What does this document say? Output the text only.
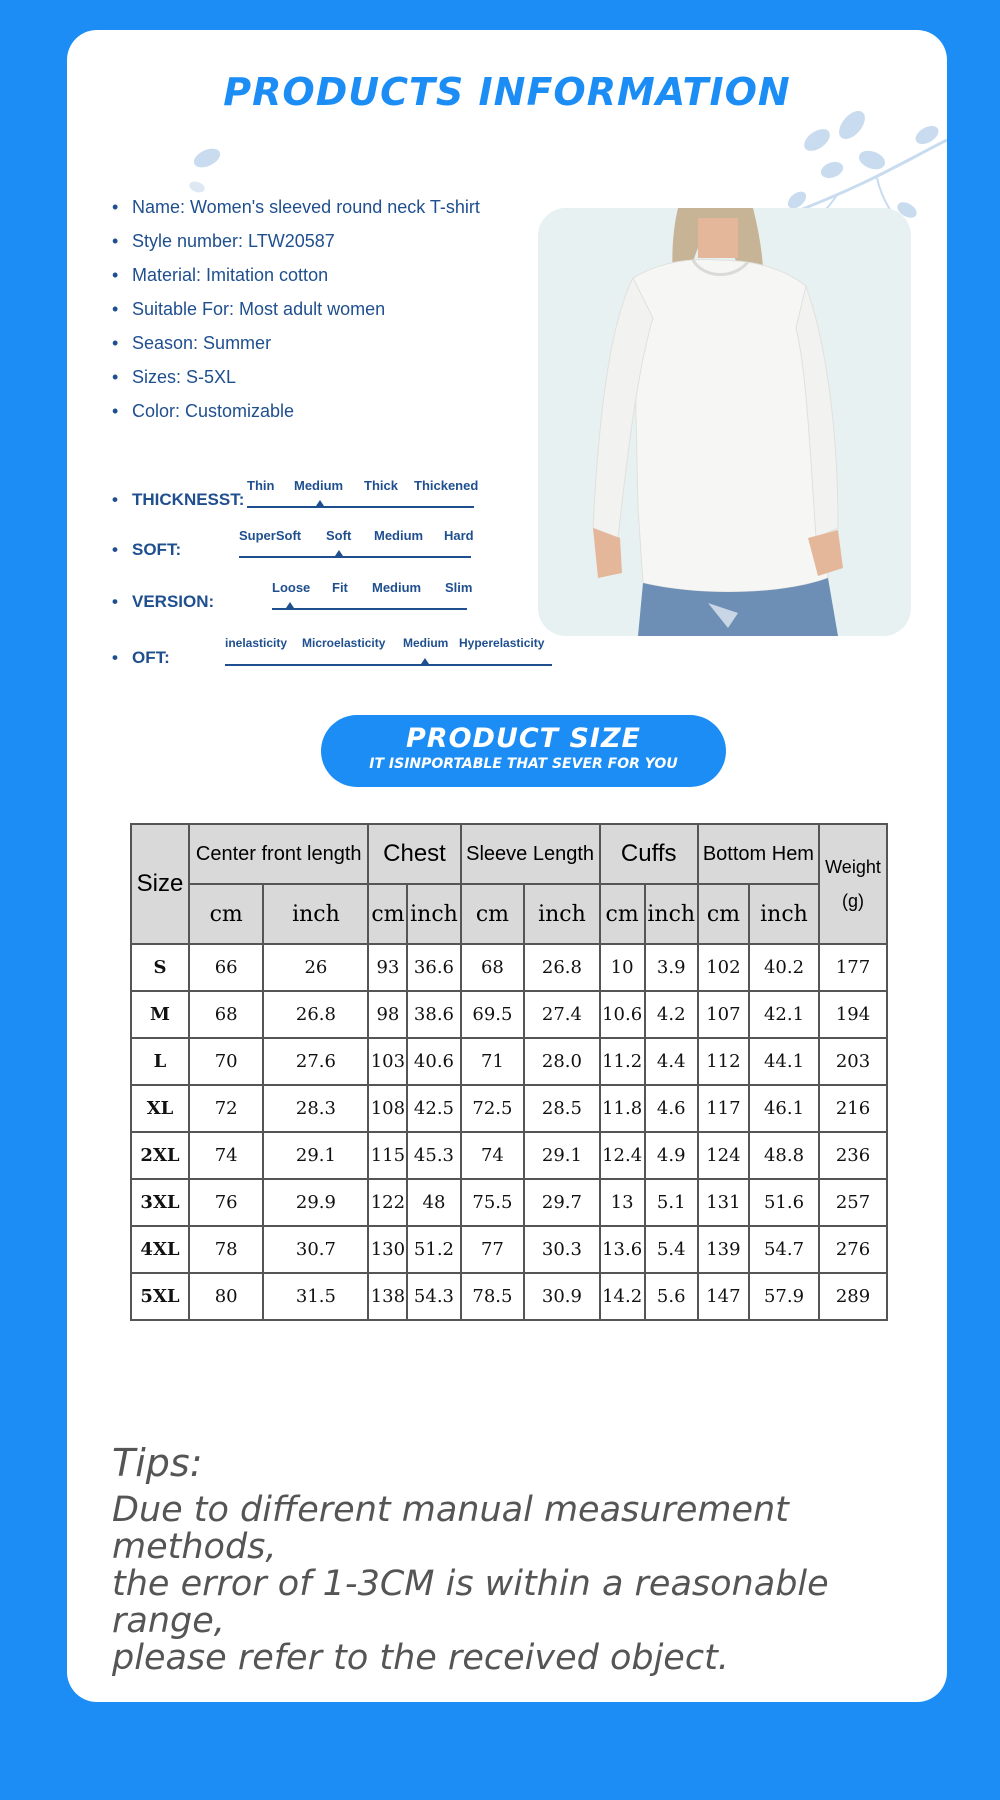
PRODUCTS INFORMATION
• Name: Women's sleeved round neck T-shirt
• Style number: LTW20587
• Material: Imitation cotton
• Suitable For: Most adult women
• Season: Summer
• Sizes: S-5XL
• Color: Customizable
• THICKNESST:
Thin Medium Thick Thickened
• SOFT:
SuperSoft Soft Medium Hard
• VERSION:
Loose Fit Medium Slim
• OFT:
inelasticity Microelasticity Medium Hyperelasticity
PRODUCT SIZE
IT ISINPORTABLE THAT SEVER FOR YOU
Size	Center front length		Chest		Sleeve Length		Cuffs		Bottom Hem		Weight
(g)

	cm	inch	cm	inch	cm	inch	cm	inch	cm	inch	
S	66	26	93	36.6	68	26.8	10	3.9	102	40.2	177
M	68	26.8	98	38.6	69.5	27.4	10.6	4.2	107	42.1	194
L	70	27.6	103	40.6	71	28.0	11.2	4.4	112	44.1	203
XL	72	28.3	108	42.5	72.5	28.5	11.8	4.6	117	46.1	216
2XL	74	29.1	115	45.3	74	29.1	12.4	4.9	124	48.8	236
3XL	76	29.9	122	48	75.5	29.7	13	5.1	131	51.6	257
4XL	78	30.7	130	51.2	77	30.3	13.6	5.4	139	54.7	276
5XL	80	31.5	138	54.3	78.5	30.9	14.2	5.6	147	57.9	289
Tips:
Due to different manual measurement methods,
the error of 1-3CM is within a reasonable range,
please refer to the received object.
